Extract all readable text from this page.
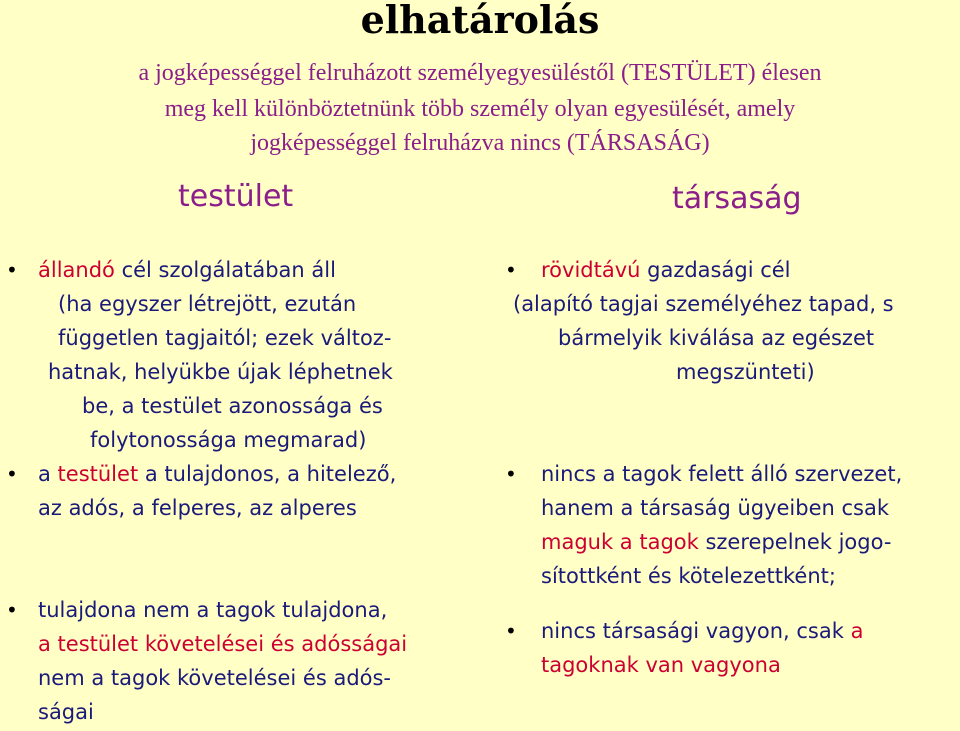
elhatárolás
a jogképességgel felruházott személyegyesüléstől (TESTÜLET) élesen
meg kell különböztetnünk több személy olyan egyesülését, amely
jogképességgel felruházva nincs (TÁRSASÁG)
testület	társaság
• állandó cél szolgálatában áll
(ha egyszer létrejött, ezután
független tagjaitól; ezek változ-
hatnak, helyükbe újak léphetnek
be, a testület azonossága és
folytonossága megmarad)
• a testület a tulajdonos, a hitelező,
az adós, a felperes, az alperes
• tulajdona nem a tagok tulajdona,
a testület követelései és adósságai
nem a tagok követelései és adós-
ságai
• rövidtávú gazdasági cél
(alapító tagjai személyéhez tapad, s
bármelyik kiválása az egészet
megszünteti)
• nincs a tagok felett álló szervezet,
hanem a társaság ügyeiben csak
maguk a tagok szerepelnek jogo-
sítottként és kötelezettként;
• nincs társasági vagyon, csak a
tagoknak van vagyona
